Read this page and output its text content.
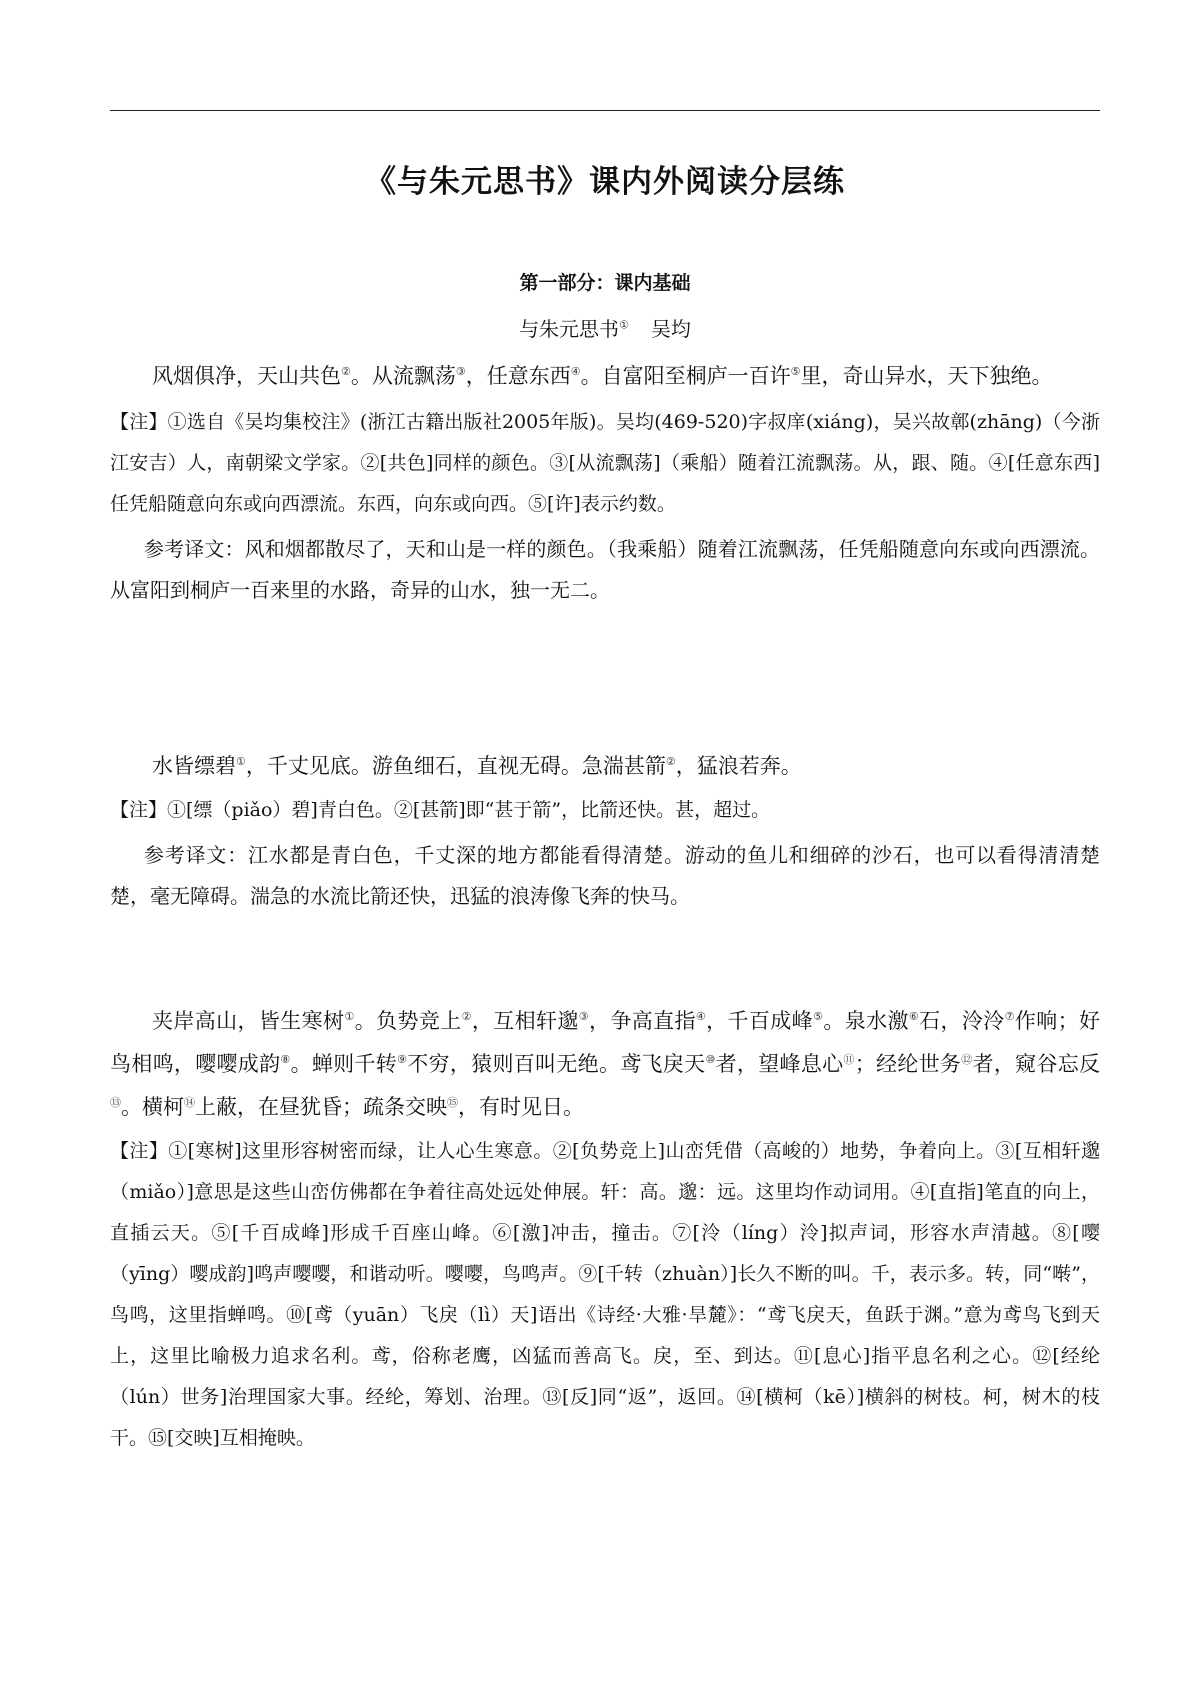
《与朱元思书》课内外阅读分层练
第一部分：课内基础
与朱元思书① 吴均

风烟俱净，天山共色②。从流飘荡③，任意东西④。自富阳至桐庐一百许⑤里，奇山异水，天下独绝。

【注】①选自《吴均集校注》(浙江古籍出版社2005年版)。吴均(469-520)字叔庠(xiáng)，吴兴故鄣(zhāng)（今浙江安吉）人，南朝梁文学家。②[共色]同样的颜色。③[从流飘荡]（乘船）随着江流飘荡。从，跟、随。④[任意东西]任凭船随意向东或向西漂流。东西，向东或向西。⑤[许]表示约数。

参考译文：风和烟都散尽了，天和山是一样的颜色。（我乘船）随着江流飘荡，任凭船随意向东或向西漂流。从富阳到桐庐一百来里的水路，奇异的山水，独一无二。

水皆缥碧①，千丈见底。游鱼细石，直视无碍。急湍甚箭②，猛浪若奔。

【注】①[缥（piǎo）碧]青白色。②[甚箭]即“甚于箭”，比箭还快。甚，超过。

参考译文：江水都是青白色，千丈深的地方都能看得清楚。游动的鱼儿和细碎的沙石，也可以看得清清楚楚，毫无障碍。湍急的水流比箭还快，迅猛的浪涛像飞奔的快马。

夹岸高山，皆生寒树①。负势竞上②，互相轩邈③，争高直指④，千百成峰⑤。泉水激⑥石，泠泠⑦作响；好鸟相鸣，嘤嘤成韵⑧。蝉则千转⑨不穷，猿则百叫无绝。鸢飞戾天⑩者，望峰息心⑪；经纶世务⑫者，窥谷忘反⑬。横柯⑭上蔽，在昼犹昏；疏条交映⑮，有时见日。

【注】①[寒树]这里形容树密而绿，让人心生寒意。②[负势竞上]山峦凭借（高峻的）地势，争着向上。③[互相轩邈（miǎo）]意思是这些山峦仿佛都在争着往高处远处伸展。轩：高。邈：远。这里均作动词用。④[直指]笔直的向上，直插云天。⑤[千百成峰]形成千百座山峰。⑥[激]冲击，撞击。⑦[泠（líng）泠]拟声词，形容水声清越。⑧[嘤（yīng）嘤成韵]鸣声嘤嘤，和谐动听。嘤嘤，鸟鸣声。⑨[千转（zhuàn）]长久不断的叫。千，表示多。转，同“啭”，鸟鸣，这里指蝉鸣。⑩[鸢（yuān）飞戾（lì）天]语出《诗经·大雅·旱麓》：“鸢飞戾天，鱼跃于渊。”意为鸢鸟飞到天上，这里比喻极力追求名利。鸢，俗称老鹰，凶猛而善高飞。戾，至、到达。⑪[息心]指平息名利之心。⑫[经纶（lún）世务]治理国家大事。经纶，筹划、治理。⑬[反]同“返”，返回。⑭[横柯（kē）]横斜的树枝。柯，树木的枝干。⑮[交映]互相掩映。
